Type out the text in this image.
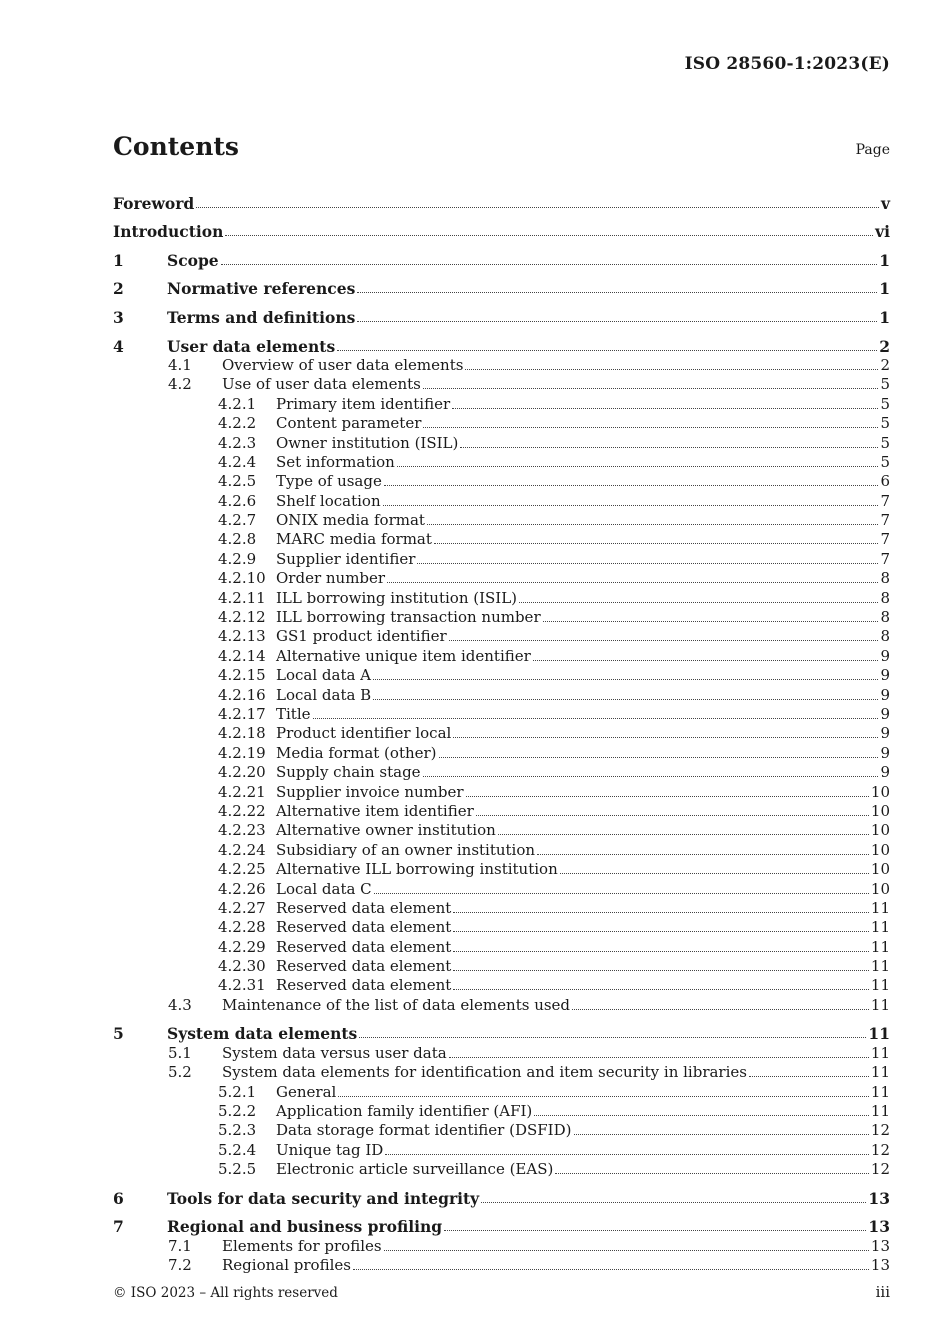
ISO 28560-1:2023(E)
Contents	Page
Foreword	v
Introduction	vi
1	Scope	1
2	Normative references	1
3	Terms and definitions	1
4	User data elements	2
4.1	Overview of user data elements	2
4.2	Use of user data elements	5
4.2.1	Primary item identifier	5
4.2.2	Content parameter	5
4.2.3	Owner institution (ISIL)	5
4.2.4	Set information	5
4.2.5	Type of usage	6
4.2.6	Shelf location	7
4.2.7	ONIX media format	7
4.2.8	MARC media format	7
4.2.9	Supplier identifier	7
4.2.10 Order number	8
4.2.11 ILL borrowing institution (ISIL)	8
4.2.12 ILL borrowing transaction number	8
4.2.13 GS1 product identifier	8
4.2.14 Alternative unique item identifier	9
4.2.15 Local data A	9
4.2.16 Local data B	9
4.2.17 Title	9
4.2.18 Product identifier local	9
4.2.19 Media format (other)	9
4.2.20 Supply chain stage	9
4.2.21 Supplier invoice number	10
4.2.22 Alternative item identifier	10
4.2.23 Alternative owner institution	10
4.2.24 Subsidiary of an owner institution	10
4.2.25 Alternative ILL borrowing institution	10
4.2.26 Local data C	10
4.2.27 Reserved data element	11
4.2.28 Reserved data element	11
4.2.29 Reserved data element	11
4.2.30 Reserved data element	11
4.2.31 Reserved data element	11
4.3	Maintenance of the list of data elements used	11
5	System data elements	11
5.1	System data versus user data	11
5.2	System data elements for identification and item security in libraries	11
5.2.1	General	11
5.2.2	Application family identifier (AFI)	11
5.2.3	Data storage format identifier (DSFID)	12
5.2.4	Unique tag ID	12
5.2.5	Electronic article surveillance (EAS)	12
6	Tools for data security and integrity	13
7	Regional and business profiling	13
7.1	Elements for profiles	13
7.2	Regional profiles	13
© ISO 2023 – All rights reserved	iii
